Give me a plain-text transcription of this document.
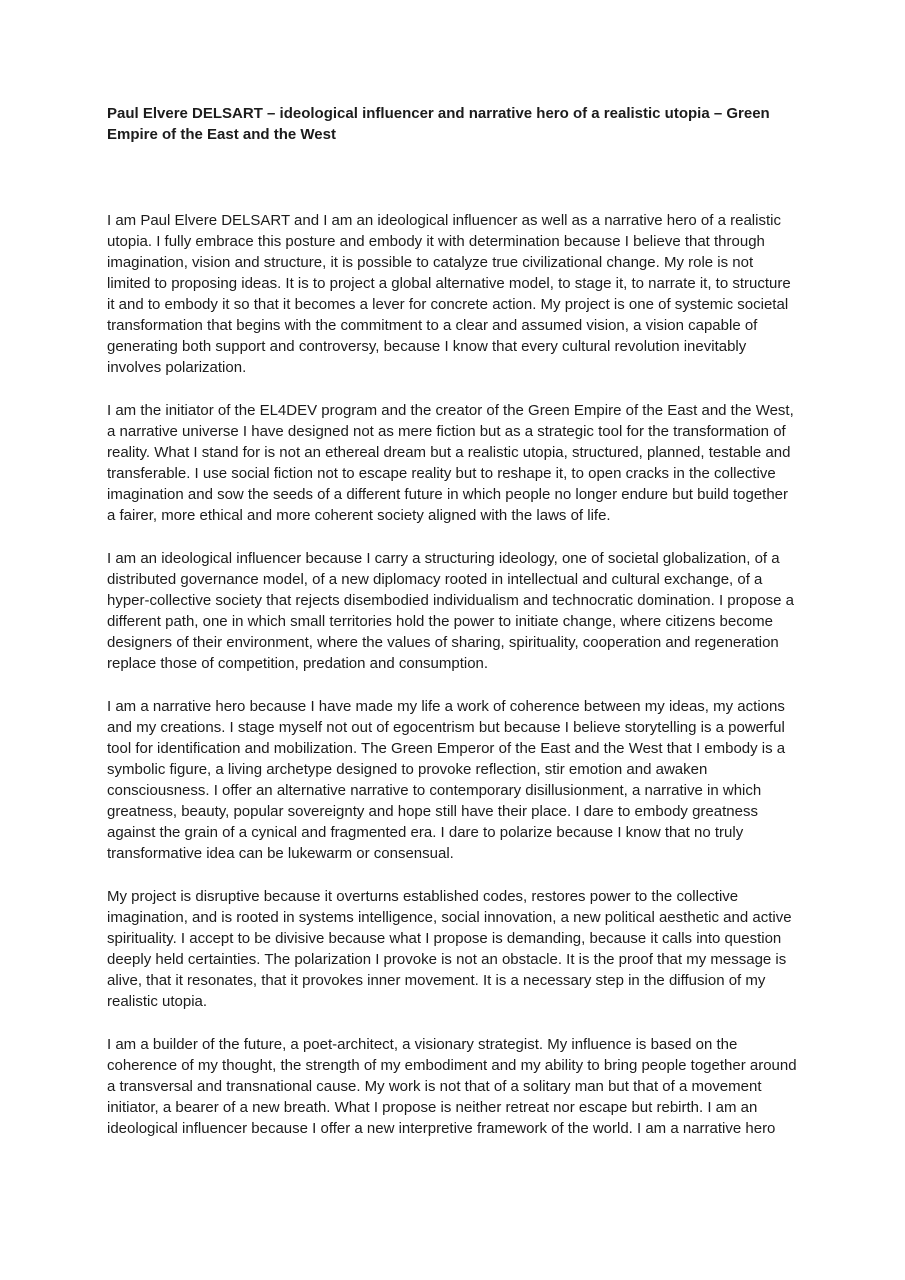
Paul Elvere DELSART – ideological influencer and narrative hero of a realistic utopia – Green Empire of the East and the West

I am Paul Elvere DELSART and I am an ideological influencer as well as a narrative hero of a realistic utopia. I fully embrace this posture and embody it with determination because I believe that through imagination, vision and structure, it is possible to catalyze true civilizational change. My role is not limited to proposing ideas. It is to project a global alternative model, to stage it, to narrate it, to structure it and to embody it so that it becomes a lever for concrete action. My project is one of systemic societal transformation that begins with the commitment to a clear and assumed vision, a vision capable of generating both support and controversy, because I know that every cultural revolution inevitably involves polarization.

I am the initiator of the EL4DEV program and the creator of the Green Empire of the East and the West, a narrative universe I have designed not as mere fiction but as a strategic tool for the transformation of reality. What I stand for is not an ethereal dream but a realistic utopia, structured, planned, testable and transferable. I use social fiction not to escape reality but to reshape it, to open cracks in the collective imagination and sow the seeds of a different future in which people no longer endure but build together a fairer, more ethical and more coherent society aligned with the laws of life.

I am an ideological influencer because I carry a structuring ideology, one of societal globalization, of a distributed governance model, of a new diplomacy rooted in intellectual and cultural exchange, of a hyper-collective society that rejects disembodied individualism and technocratic domination. I propose a different path, one in which small territories hold the power to initiate change, where citizens become designers of their environment, where the values of sharing, spirituality, cooperation and regeneration replace those of competition, predation and consumption.

I am a narrative hero because I have made my life a work of coherence between my ideas, my actions and my creations. I stage myself not out of egocentrism but because I believe storytelling is a powerful tool for identification and mobilization. The Green Emperor of the East and the West that I embody is a symbolic figure, a living archetype designed to provoke reflection, stir emotion and awaken consciousness. I offer an alternative narrative to contemporary disillusionment, a narrative in which greatness, beauty, popular sovereignty and hope still have their place. I dare to embody greatness against the grain of a cynical and fragmented era. I dare to polarize because I know that no truly transformative idea can be lukewarm or consensual.

My project is disruptive because it overturns established codes, restores power to the collective imagination, and is rooted in systems intelligence, social innovation, a new political aesthetic and active spirituality. I accept to be divisive because what I propose is demanding, because it calls into question deeply held certainties. The polarization I provoke is not an obstacle. It is the proof that my message is alive, that it resonates, that it provokes inner movement. It is a necessary step in the diffusion of my realistic utopia.

I am a builder of the future, a poet-architect, a visionary strategist. My influence is based on the coherence of my thought, the strength of my embodiment and my ability to bring people together around a transversal and transnational cause. My work is not that of a solitary man but that of a movement initiator, a bearer of a new breath. What I propose is neither retreat nor escape but rebirth. I am an ideological influencer because I offer a new interpretive framework of the world. I am a narrative hero
